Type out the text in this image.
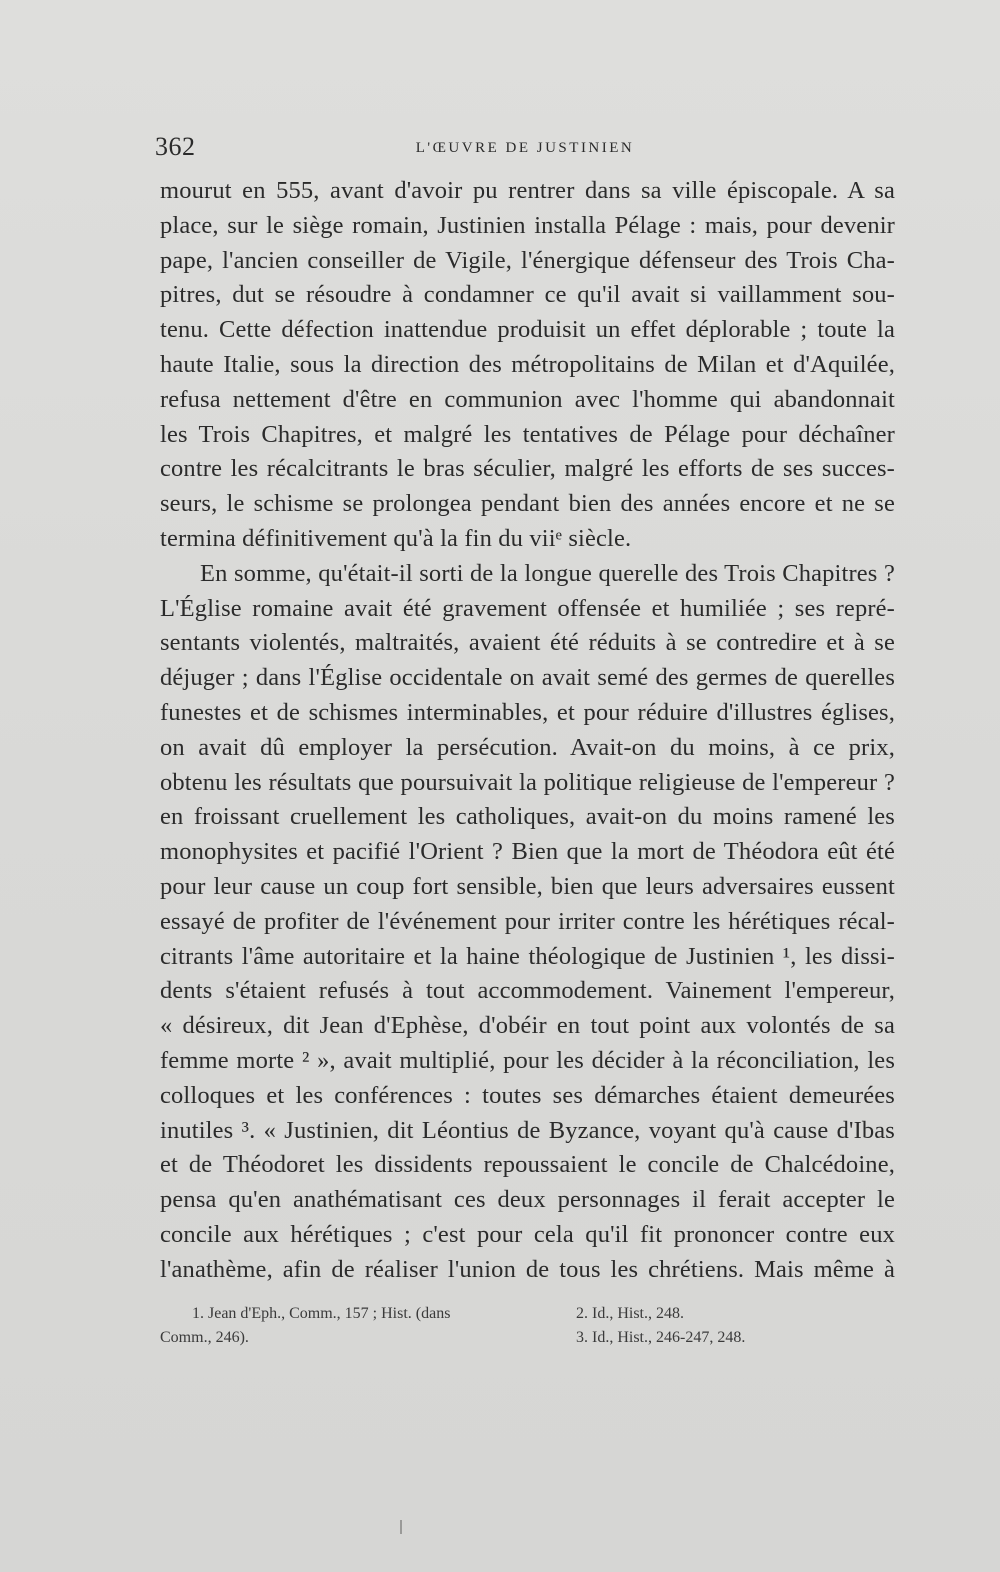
362	L'ŒUVRE DE JUSTINIEN
mourut en 555, avant d'avoir pu rentrer dans sa ville épiscopale. A sa
place, sur le siège romain, Justinien installa Pélage : mais, pour devenir
pape, l'ancien conseiller de Vigile, l'énergique défenseur des Trois Cha-
pitres, dut se résoudre à condamner ce qu'il avait si vaillamment sou-
tenu. Cette défection inattendue produisit un effet déplorable ; toute la
haute Italie, sous la direction des métropolitains de Milan et d'Aquilée,
refusa nettement d'être en communion avec l'homme qui abandonnait
les Trois Chapitres, et malgré les tentatives de Pélage pour déchaîner
contre les récalcitrants le bras séculier, malgré les efforts de ses succes-
seurs, le schisme se prolongea pendant bien des années encore et ne se
termina définitivement qu'à la fin du viiᵉ siècle.
En somme, qu'était-il sorti de la longue querelle des Trois Chapitres ?
L'Église romaine avait été gravement offensée et humiliée ; ses repré-
sentants violentés, maltraités, avaient été réduits à se contredire et à se
déjuger ; dans l'Église occidentale on avait semé des germes de querelles
funestes et de schismes interminables, et pour réduire d'illustres églises,
on avait dû employer la persécution. Avait-on du moins, à ce prix,
obtenu les résultats que poursuivait la politique religieuse de l'empereur ?
en froissant cruellement les catholiques, avait-on du moins ramené les
monophysites et pacifié l'Orient ? Bien que la mort de Théodora eût été
pour leur cause un coup fort sensible, bien que leurs adversaires eussent
essayé de profiter de l'événement pour irriter contre les hérétiques récal-
citrants l'âme autoritaire et la haine théologique de Justinien ¹, les dissi-
dents s'étaient refusés à tout accommodement. Vainement l'empereur,
« désireux, dit Jean d'Ephèse, d'obéir en tout point aux volontés de sa
femme morte ² », avait multiplié, pour les décider à la réconciliation, les
colloques et les conférences : toutes ses démarches étaient demeurées
inutiles ³. « Justinien, dit Léontius de Byzance, voyant qu'à cause d'Ibas
et de Théodoret les dissidents repoussaient le concile de Chalcédoine,
pensa qu'en anathématisant ces deux personnages il ferait accepter le
concile aux hérétiques ; c'est pour cela qu'il fit prononcer contre eux
l'anathème, afin de réaliser l'union de tous les chrétiens. Mais même à
1. Jean d'Eph., Comm., 157 ; Hist. (dans
Comm., 246).
2. Id., Hist., 248.
3. Id., Hist., 246-247, 248.
